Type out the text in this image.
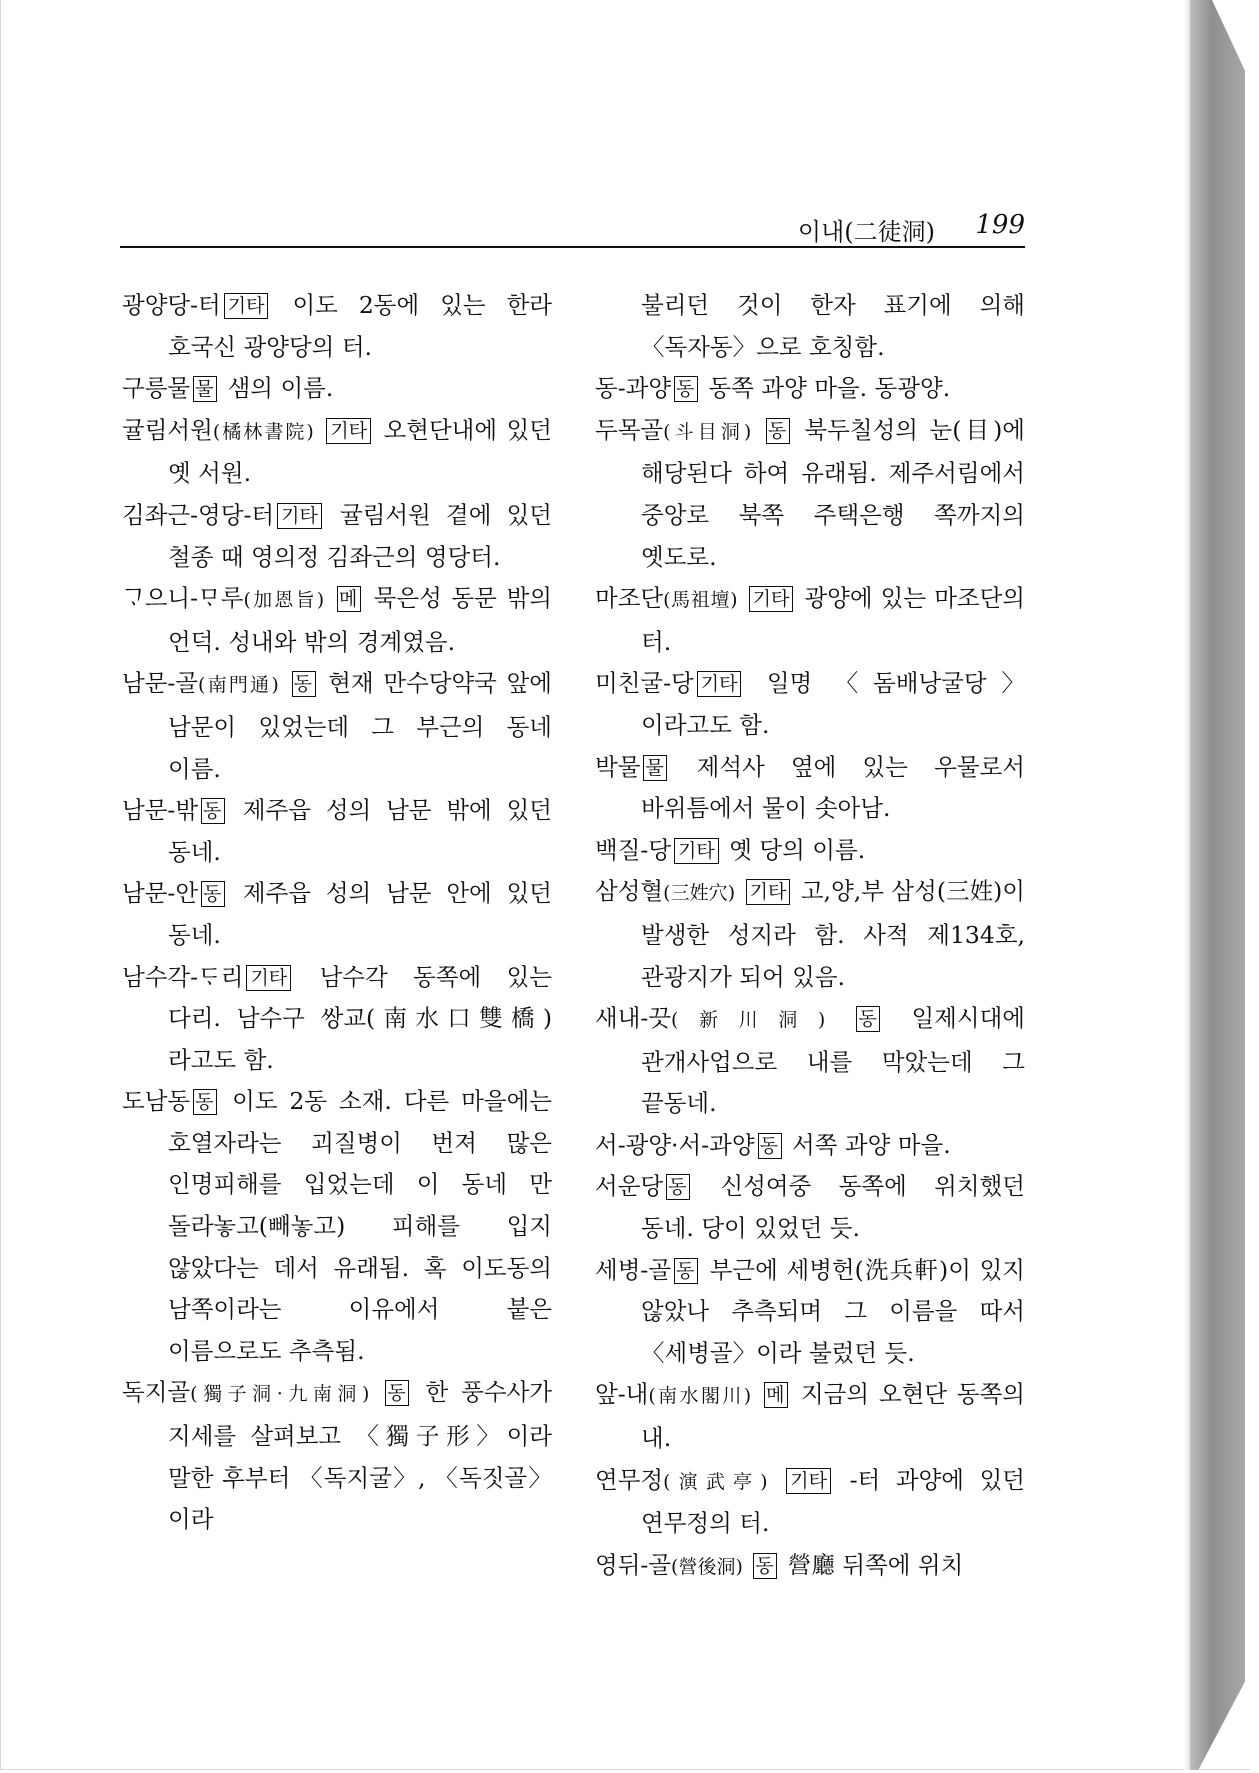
이내(二徒洞) 199

광양당-터 기타 이도 2동에 있는 한라 호국신 광양당의 터.

구릉물 물 샘의 이름.

귤림서원(橘林書院) 기타 오현단내에 있던 옛 서원.

김좌근-영당-터 기타 귤림서원 곁에 있던 철종 때 영의정 김좌근의 영당터.

ᄀᆞ으니-ᄆᆞ루(加恩旨) 메 묵은성 동문 밖의 언덕. 성내와 밖의 경계였음.

남문-골(南門通) 동 현재 만수당약국 앞에 남문이 있었는데 그 부근의 동네 이름.

남문-밖 동 제주읍 성의 남문 밖에 있던 동네.

남문-안 동 제주읍 성의 남문 안에 있던 동네.

남수각-ᄃᆞ리 기타 남수각 동쪽에 있는 다리. 남수구 쌍교(南水口雙橋)라고도 함.

도남동 동 이도 2동 소재. 다른 마을에는 호열자라는 괴질병이 번져 많은 인명피해를 입었는데 이 동네 만 돌라놓고(빼놓고) 피해를 입지 않았다는 데서 유래됨. 혹 이도동의 남쪽이라는 이유에서 붙은 이름으로도 추측됨.

독지골(獨子洞·九南洞) 동 한 풍수사가 지세를 살펴보고 〈獨子形〉이라 말한 후부터 〈독지굴〉, 〈독짓골〉이라

불리던 것이 한자 표기에 의해 〈독자동〉으로 호칭함.

동-과양 동 동쪽 과양 마을. 동광양.

두목골(斗目洞) 동 북두칠성의 눈(目)에 해당된다 하여 유래됨. 제주서림에서 중앙로 북쪽 주택은행 쪽까지의 옛도로.

마조단(馬祖壇) 기타 광양에 있는 마조단의 터.

미친굴-당 기타 일명 〈돔배낭굴당〉이라고도 함.

박물 물 제석사 옆에 있는 우물로서 바위틈에서 물이 솟아남.

백질-당 기타 옛 당의 이름.

삼성혈(三姓穴) 기타 고,양,부 삼성(三姓)이 발생한 성지라 함. 사적 제134호, 관광지가 되어 있음.

새내-끗(新川洞) 동 일제시대에 관개사업으로 내를 막았는데 그 끝동네.

서-광양·서-과양 동 서쪽 과양 마을.

서운당 동 신성여중 동쪽에 위치했던 동네. 당이 있었던 듯.

세병-골 동 부근에 세병헌(洗兵軒)이 있지 않았나 추측되며 그 이름을 따서 〈세병골〉이라 불렀던 듯.

앞-내(南水閣川) 메 지금의 오현단 동쪽의 내.

연무정(演武亭) 기타 -터 과양에 있던 연무정의 터.

영뒤-골(營後洞) 동 營廳 뒤쪽에 위치
